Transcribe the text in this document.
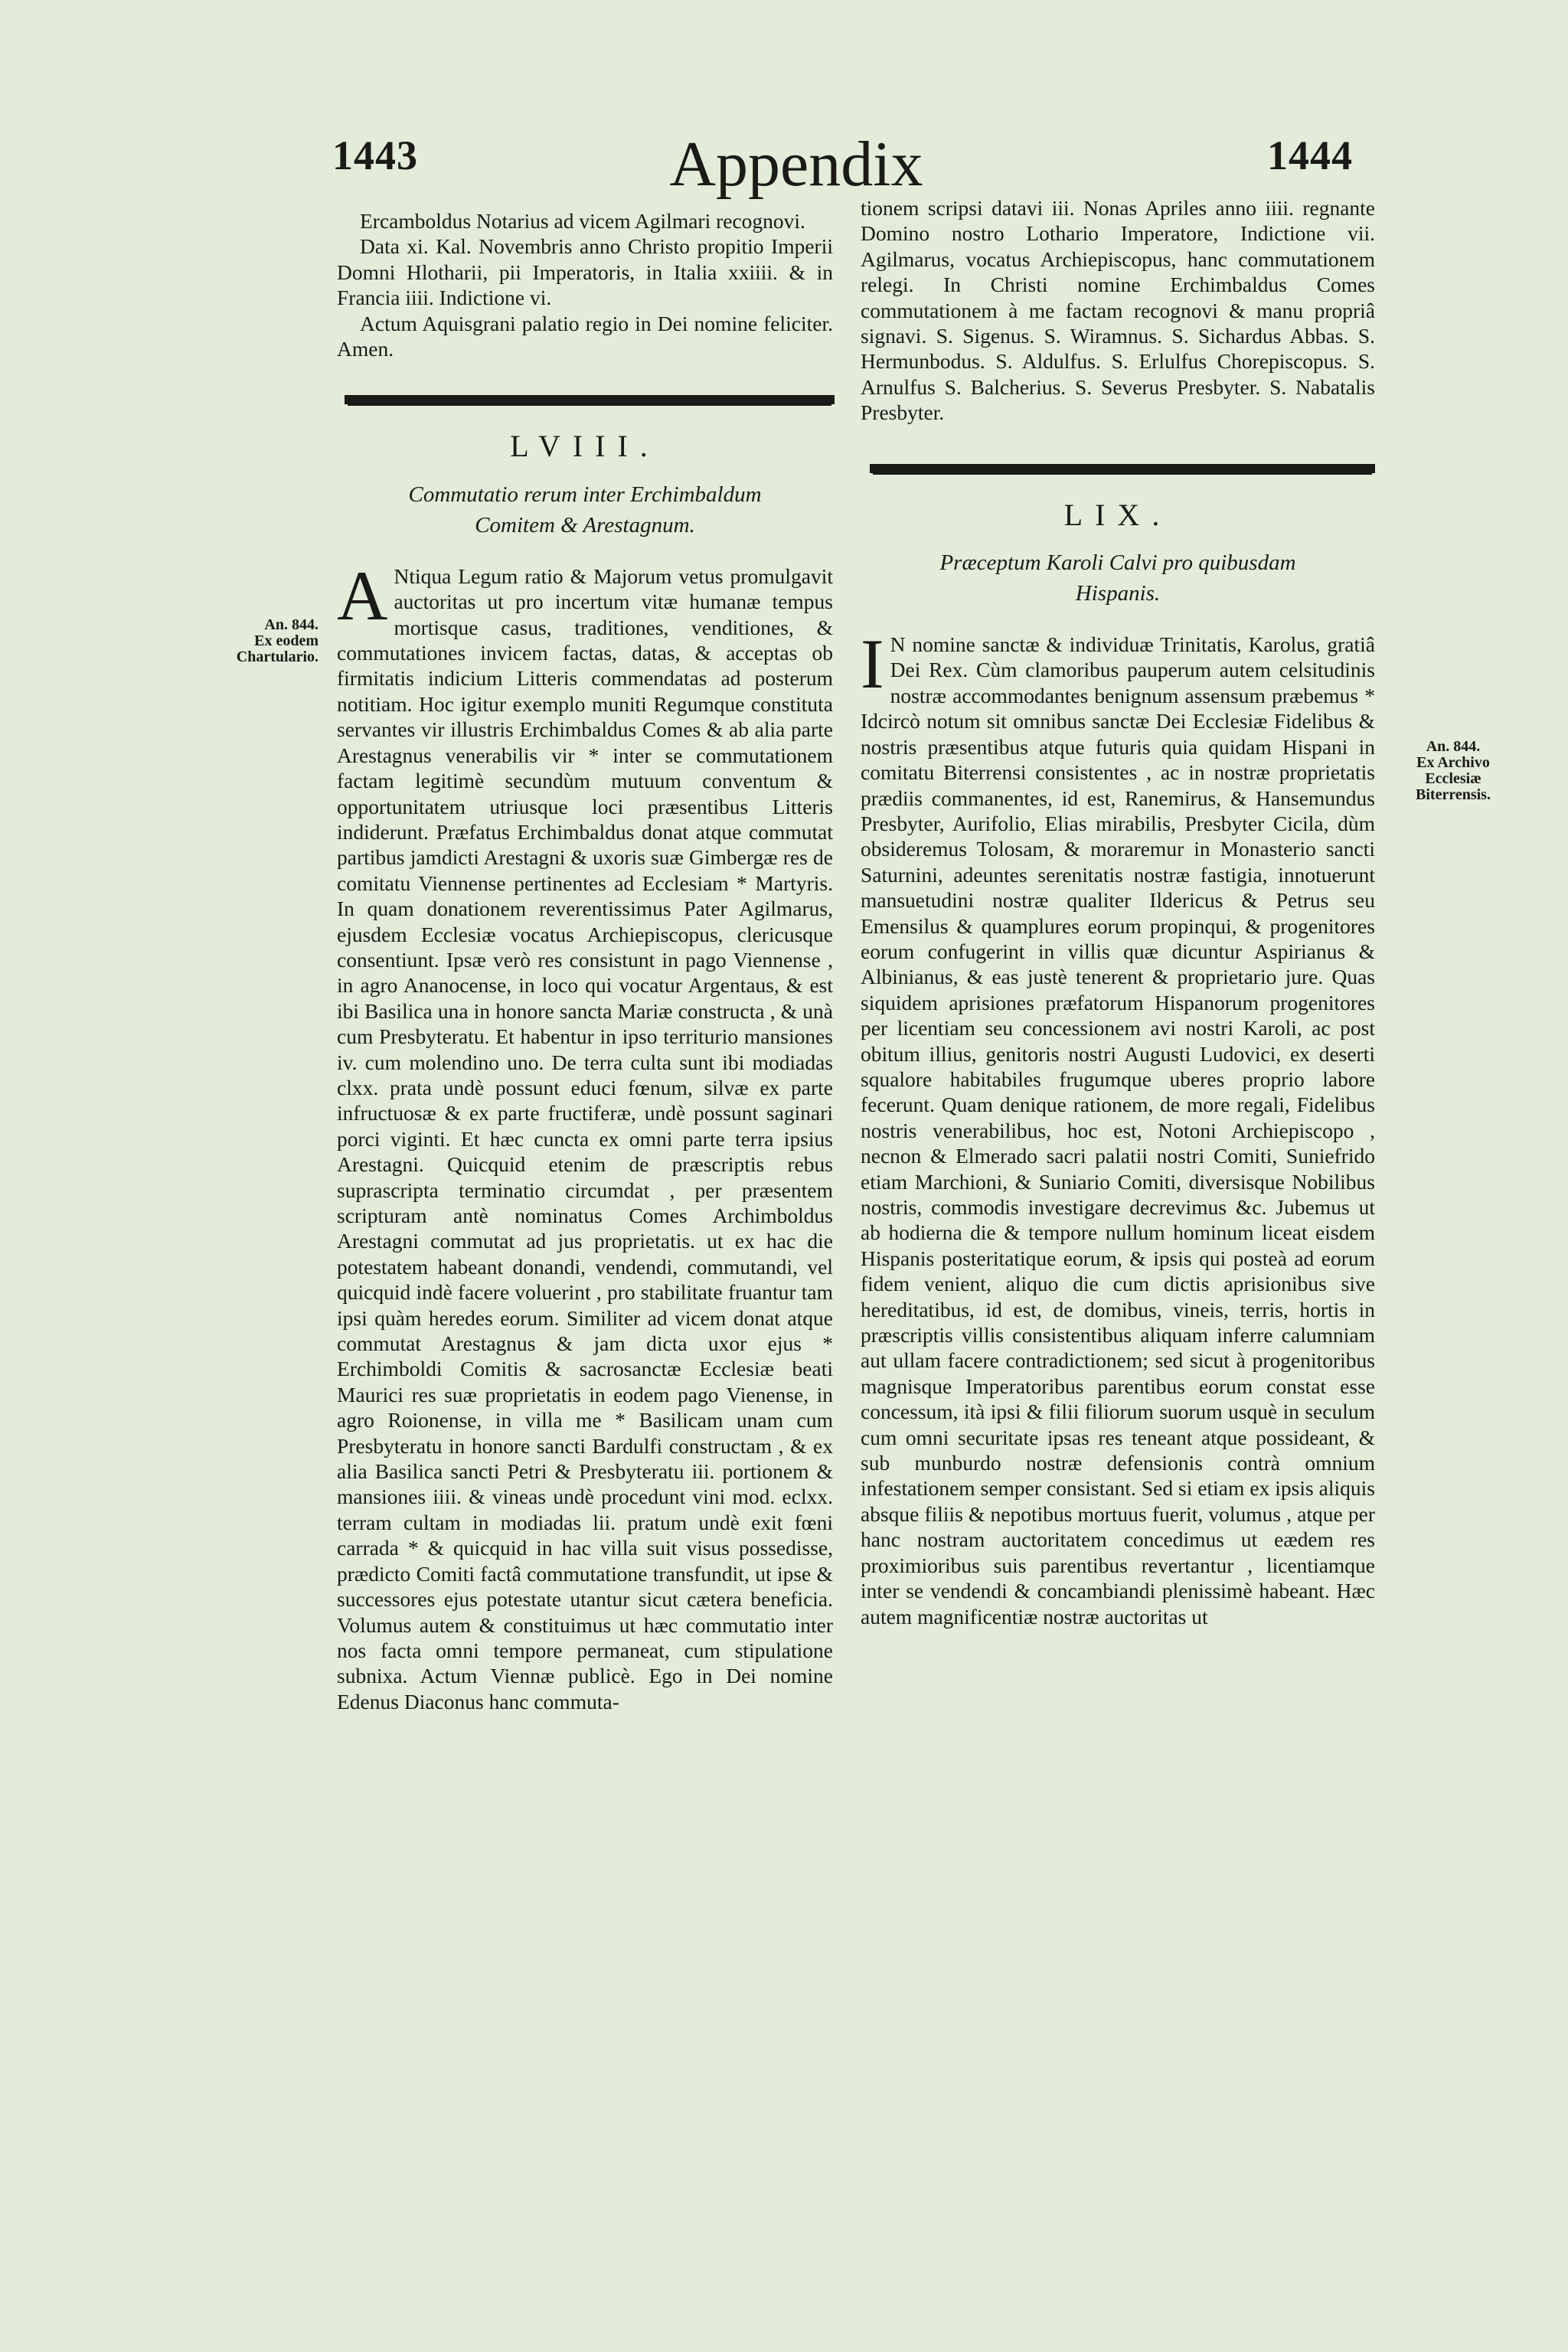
1443	Appendix	1444
An. 844.
Ex eodem
Chartulario.
An. 844.
Ex Archivo
Ecclesiæ Biterrensis.

Ercamboldus Notarius ad vicem Agilmari recognovi.

Data xi. Kal. Novembris anno Christo propitio Imperii Domni Hlotharii, pii Imperatoris, in Italia xxiiii. & in Francia iiii. Indictione vi.

Actum Aquisgrani palatio regio in Dei nomine feliciter. Amen.

LVIII.
Commutatio rerum inter Erchimbaldum
Comitem & Arestagnum.

A Ntiqua Legum ratio & Majorum vetus promulgavit auctoritas ut pro incertum vitæ humanæ tempus mortisque casus, traditiones, venditiones, & commutationes invicem factas, datas, & acceptas ob firmitatis indicium Litteris commendatas ad posterum notitiam. Hoc igitur exemplo muniti Regumque constituta servantes vir illustris Erchimbaldus Comes & ab alia parte Arestagnus venerabilis vir * inter se commutationem factam legitimè secundùm mutuum conventum & opportunitatem utriusque loci præsentibus Litteris indiderunt. Præfatus Erchimbaldus donat atque commutat partibus jamdicti Arestagni & uxoris suæ Gimbergæ res de comitatu Viennense pertinentes ad Ecclesiam * Martyris. In quam donationem reverentissimus Pater Agilmarus, ejusdem Ecclesiæ vocatus Archiepiscopus, clericusque consentiunt. Ipsæ verò res consistunt in pago Viennense , in agro Ananocense, in loco qui vocatur Argentaus, & est ibi Basilica una in honore sancta Mariæ constructa , & unà cum Presbyteratu. Et habentur in ipso territurio mansiones iv. cum molendino uno. De terra culta sunt ibi modiadas clxx. prata undè possunt educi fœnum, silvæ ex parte infructuosæ & ex parte fructiferæ, undè possunt saginari porci viginti. Et hæc cuncta ex omni parte terra ipsius Arestagni. Quicquid etenim de præscriptis rebus suprascripta terminatio circumdat , per præsentem scripturam antè nominatus Comes Archimboldus Arestagni commutat ad jus proprietatis. ut ex hac die potestatem habeant donandi, vendendi, commutandi, vel quicquid indè facere voluerint , pro stabilitate fruantur tam ipsi quàm heredes eorum. Similiter ad vicem donat atque commutat Arestagnus & jam dicta uxor ejus * Erchimboldi Comitis & sacrosanctæ Ecclesiæ beati Maurici res suæ proprietatis in eodem pago Vienense, in agro Roionense, in villa me * Basilicam unam cum Presbyteratu in honore sancti Bardulfi constructam , & ex alia Basilica sancti Petri & Presbyteratu iii. portionem & mansiones iiii. & vineas undè procedunt vini mod. eclxx. terram cultam in modiadas lii. pratum undè exit fœni carrada * & quicquid in hac villa suit visus possedisse, prædicto Comiti factâ commutatione transfundit, ut ipse & successores ejus potestate utantur sicut cætera beneficia. Volumus autem & constituimus ut hæc commutatio inter nos facta omni tempore permaneat, cum stipulatione subnixa. Actum Viennæ publicè. Ego in Dei nomine Edenus Diaconus hanc commuta-

tionem scripsi datavi iii. Nonas Apriles anno iiii. regnante Domino nostro Lothario Imperatore, Indictione vii. Agilmarus, vocatus Archiepiscopus, hanc commutationem relegi. In Christi nomine Erchimbaldus Comes commutationem à me factam recognovi & manu propriâ signavi. S. Sigenus. S. Wiramnus. S. Sichardus Abbas. S. Hermunbodus. S. Aldulfus. S. Erlulfus Chorepiscopus. S. Arnulfus S. Balcherius. S. Severus Presbyter. S. Nabatalis Presbyter.

LIX.
Præceptum Karoli Calvi pro quibusdam
Hispanis.

I N nomine sanctæ & individuæ Trinitatis, Karolus, gratiâ Dei Rex. Cùm clamoribus pauperum autem celsitudinis nostræ accommodantes benignum assensum præbemus * Idcircò notum sit omnibus sanctæ Dei Ecclesiæ Fidelibus & nostris præsentibus atque futuris quia quidam Hispani in comitatu Biterrensi consistentes , ac in nostræ proprietatis prædiis commanentes, id est, Ranemirus, & Hansemundus Presbyter, Aurifolio, Elias mirabilis, Presbyter Cicila, dùm obsideremus Tolosam, & moraremur in Monasterio sancti Saturnini, adeuntes serenitatis nostræ fastigia, innotuerunt mansuetudini nostræ qualiter Ildericus & Petrus seu Emensilus & quamplures eorum propinqui, & progenitores eorum confugerint in villis quæ dicuntur Aspirianus & Albinianus, & eas justè tenerent & proprietario jure. Quas siquidem aprisiones præfatorum Hispanorum progenitores per licentiam seu concessionem avi nostri Karoli, ac post obitum illius, genitoris nostri Augusti Ludovici, ex deserti squalore habitabiles frugumque uberes proprio labore fecerunt. Quam denique rationem, de more regali, Fidelibus nostris venerabilibus, hoc est, Notoni Archiepiscopo , necnon & Elmerado sacri palatii nostri Comiti, Suniefrido etiam Marchioni, & Suniario Comiti, diversisque Nobilibus nostris, commodis investigare decrevimus &c. Jubemus ut ab hodierna die & tempore nullum hominum liceat eisdem Hispanis posteritatique eorum, & ipsis qui posteà ad eorum fidem venient, aliquo die cum dictis aprisionibus sive hereditatibus, id est, de domibus, vineis, terris, hortis in præscriptis villis consistentibus aliquam inferre calumniam aut ullam facere contradictionem; sed sicut à progenitoribus magnisque Imperatoribus parentibus eorum constat esse concessum, ità ipsi & filii filiorum suorum usquè in seculum cum omni securitate ipsas res teneant atque possideant, & sub munburdo nostræ defensionis contrà omnium infestationem semper consistant. Sed si etiam ex ipsis aliquis absque filiis & nepotibus mortuus fuerit, volumus , atque per hanc nostram auctoritatem concedimus ut eædem res proximioribus suis parentibus revertantur , licentiamque inter se vendendi & concambiandi plenissimè habeant. Hæc autem magnificentiæ nostræ auctoritas ut
